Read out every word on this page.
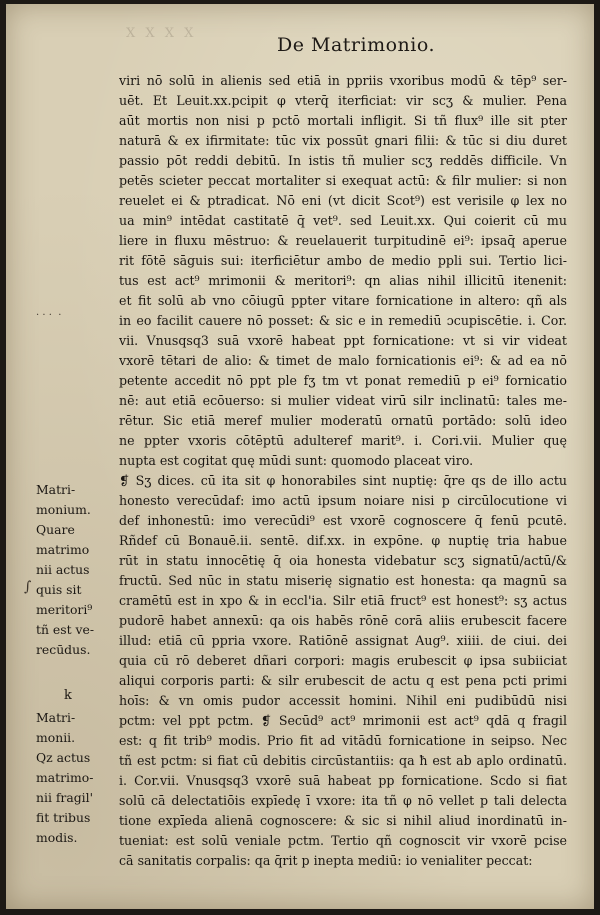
X X X X
De Matrimonio.
Matri-
monium.
Quare
matrimo
nii actus
quis sit
meritori⁹
tñ est ve-
recūdus.
k
Matri-
monii.
Qz actus
matrimo-
nii fragil'
fit tribus
modis.
· · ·  ·
∫
viri nō solū in alienis sed etiā in ppriis vxoribus modū & tēp⁹ ser-
uēt. Et Leuit.xx.pcipit φ vterq̄ iterficiat: vir scʒ & mulier. Pena
aūt mortis non nisi p pctō mortali infligit. Si tñ flux⁹ ille sit pter
naturā & ex ifirmitate: tūc vix possūt gnari filii: & tūc si diu duret
passio pōt reddi debitū. In istis tñ mulier scʒ reddēs difficile. Vn
petēs scieter peccat mortaliter si exequat actū: & filr mulier: si non
reuelet ei & ptradicat. Nō eni (vt dicit Scot⁹) est verisile φ lex no
ua min⁹ intēdat castitatē q̄ vet⁹. sed Leuit.xx. Qui coierit cū mu
liere in fluxu mēstruo: & reuelauerit turpitudinē ei⁹: ipsaq̄ aperue
rit fōtē sāguis sui: iterficiētur ambo de medio ppli sui. Tertio lici-
tus est act⁹ mrimonii & meritori⁹: qn alias nihil illicitū itenenit:
et fit solū ab vno cōiugū ppter vitare fornicatione in altero: qñ als
in eo facilit cauere nō posset: & sic e in remediū ɔcupiscētie. i. Cor.
vii. Vnusqsq3 suā vxorē habeat ppt fornicatione: vt si vir videat
vxorē tētari de alio: & timet de malo fornicationis ei⁹: & ad ea nō
petente accedit nō ppt ple fʒ tm vt ponat remediū p ei⁹ fornicatio
nē: aut etiā ecōuerso: si mulier videat virū silr inclinatū: tales me-
rētur. Sic etiā meref mulier moderatū ornatū portādo: solū ideo
ne ppter vxoris cōtēptū adulteref marit⁹. i. Cori.vii. Mulier quę
nupta est cogitat quę mūdi sunt: quomodo placeat viro.
❡ Sʒ dices. cū ita sit φ honorabiles sint nuptię: q̄re qs de illo actu
honesto verecūdaf: imo actū ipsum noiare nisi p circūlocutione vi
def inhonestū: imo verecūdi⁹ est vxorē cognoscere q̄ fenū pcutē.
Rñdef cū Bonauē.ii. sentē. dif.xx. in expōne. φ nuptię tria habue
rūt in statu innocētię q̄ oia honesta videbatur scʒ signatū/actū/&
fructū. Sed nūc in statu miserię signatio est honesta: qa magnū sa
cramētū est in xpo & in eccl'ia. Silr etiā fruct⁹ est honest⁹: sʒ actus
pudorē habet annexū: qa ois habēs rōnē corā aliis erubescit facere
illud: etiā cū ppria vxore. Ratiōnē assignat Aug⁹. xiiii. de ciui. dei
quia cū rō deberet dñari corpori: magis erubescit φ ipsa subiiciat
aliqui corporis parti: & silr erubescit de actu q est pena pcti primi
hoīs: & vn omis pudor accessit homini. Nihil eni pudibūdū nisi
pctm: vel ppt pctm. ❡ Secūd⁹ act⁹ mrimonii est act⁹ qdā q fragil
est: q fit trib⁹ modis. Prio fit ad vitādū fornicatione in seipso. Nec
tñ est pctm: si fiat cū debitis circūstantiis: qa ħ est ab aplo ordinatū.
i. Cor.vii. Vnusqsq3 vxorē suā habeat pp fornicatione. Scdo si fiat
solū cā delectatiōis expīedę ī vxore: ita tñ φ nō vellet p tali delecta
tione expīeda alienā cognoscere: & sic si nihil aliud inordinatū in-
tueniat: est solū veniale pctm. Tertio qñ cognoscit vir vxorē pcise
cā sanitatis corpalis: qa q̄rit p inepta mediū: io venialiter peccat:
